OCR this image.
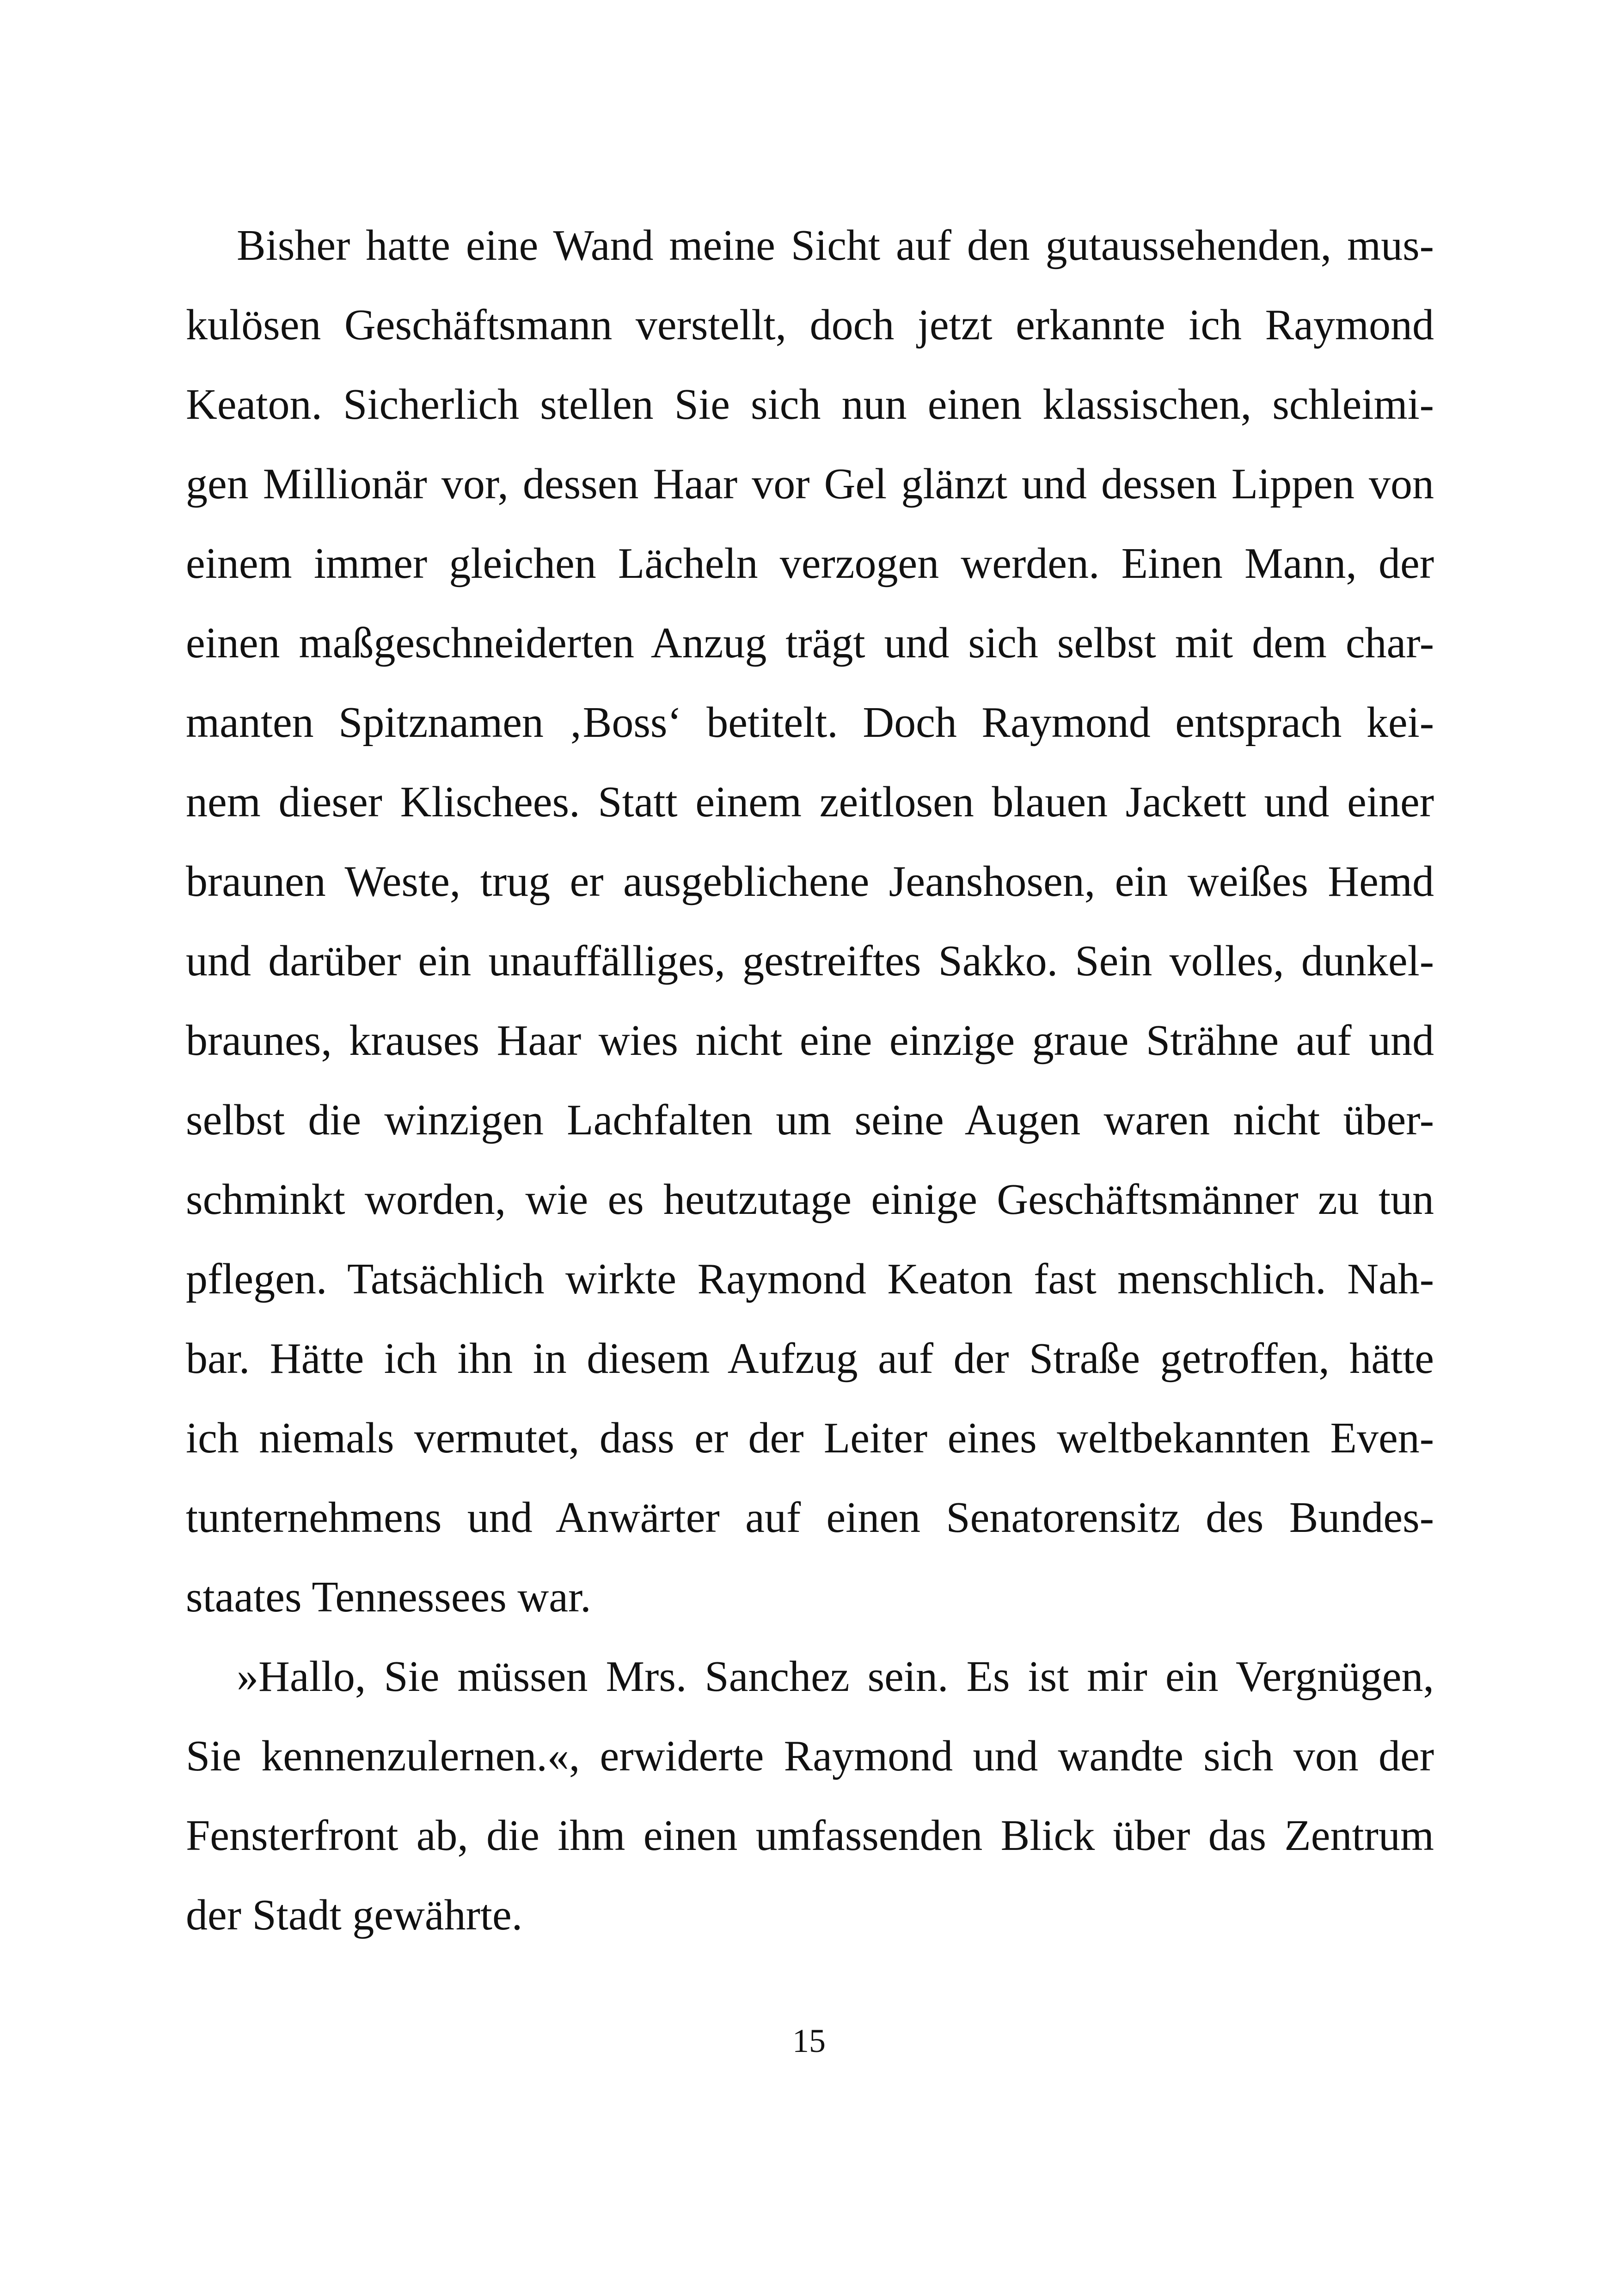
Bisher hatte eine Wand meine Sicht auf den gutaussehenden, mus-
kulösen Geschäftsmann verstellt, doch jetzt erkannte ich Raymond
Keaton. Sicherlich stellen Sie sich nun einen klassischen, schleimi-
gen Millionär vor, dessen Haar vor Gel glänzt und dessen Lippen von
einem immer gleichen Lächeln verzogen werden. Einen Mann, der
einen maßgeschneiderten Anzug trägt und sich selbst mit dem char-
manten Spitznamen ‚Boss‘ betitelt. Doch Raymond entsprach kei-
nem dieser Klischees. Statt einem zeitlosen blauen Jackett und einer
braunen Weste, trug er ausgeblichene Jeanshosen, ein weißes Hemd
und darüber ein unauffälliges, gestreiftes Sakko. Sein volles, dunkel-
braunes, krauses Haar wies nicht eine einzige graue Strähne auf und
selbst die winzigen Lachfalten um seine Augen waren nicht über-
schminkt worden, wie es heutzutage einige Geschäftsmänner zu tun
pflegen. Tatsächlich wirkte Raymond Keaton fast menschlich. Nah-
bar. Hätte ich ihn in diesem Aufzug auf der Straße getroffen, hätte
ich niemals vermutet, dass er der Leiter eines weltbekannten Even-
tunternehmens und Anwärter auf einen Senatorensitz des Bundes-
staates Tennessees war.
»Hallo, Sie müssen Mrs. Sanchez sein. Es ist mir ein Vergnügen,
Sie kennenzulernen.«, erwiderte Raymond und wandte sich von der
Fensterfront ab, die ihm einen umfassenden Blick über das Zentrum
der Stadt gewährte.
15
